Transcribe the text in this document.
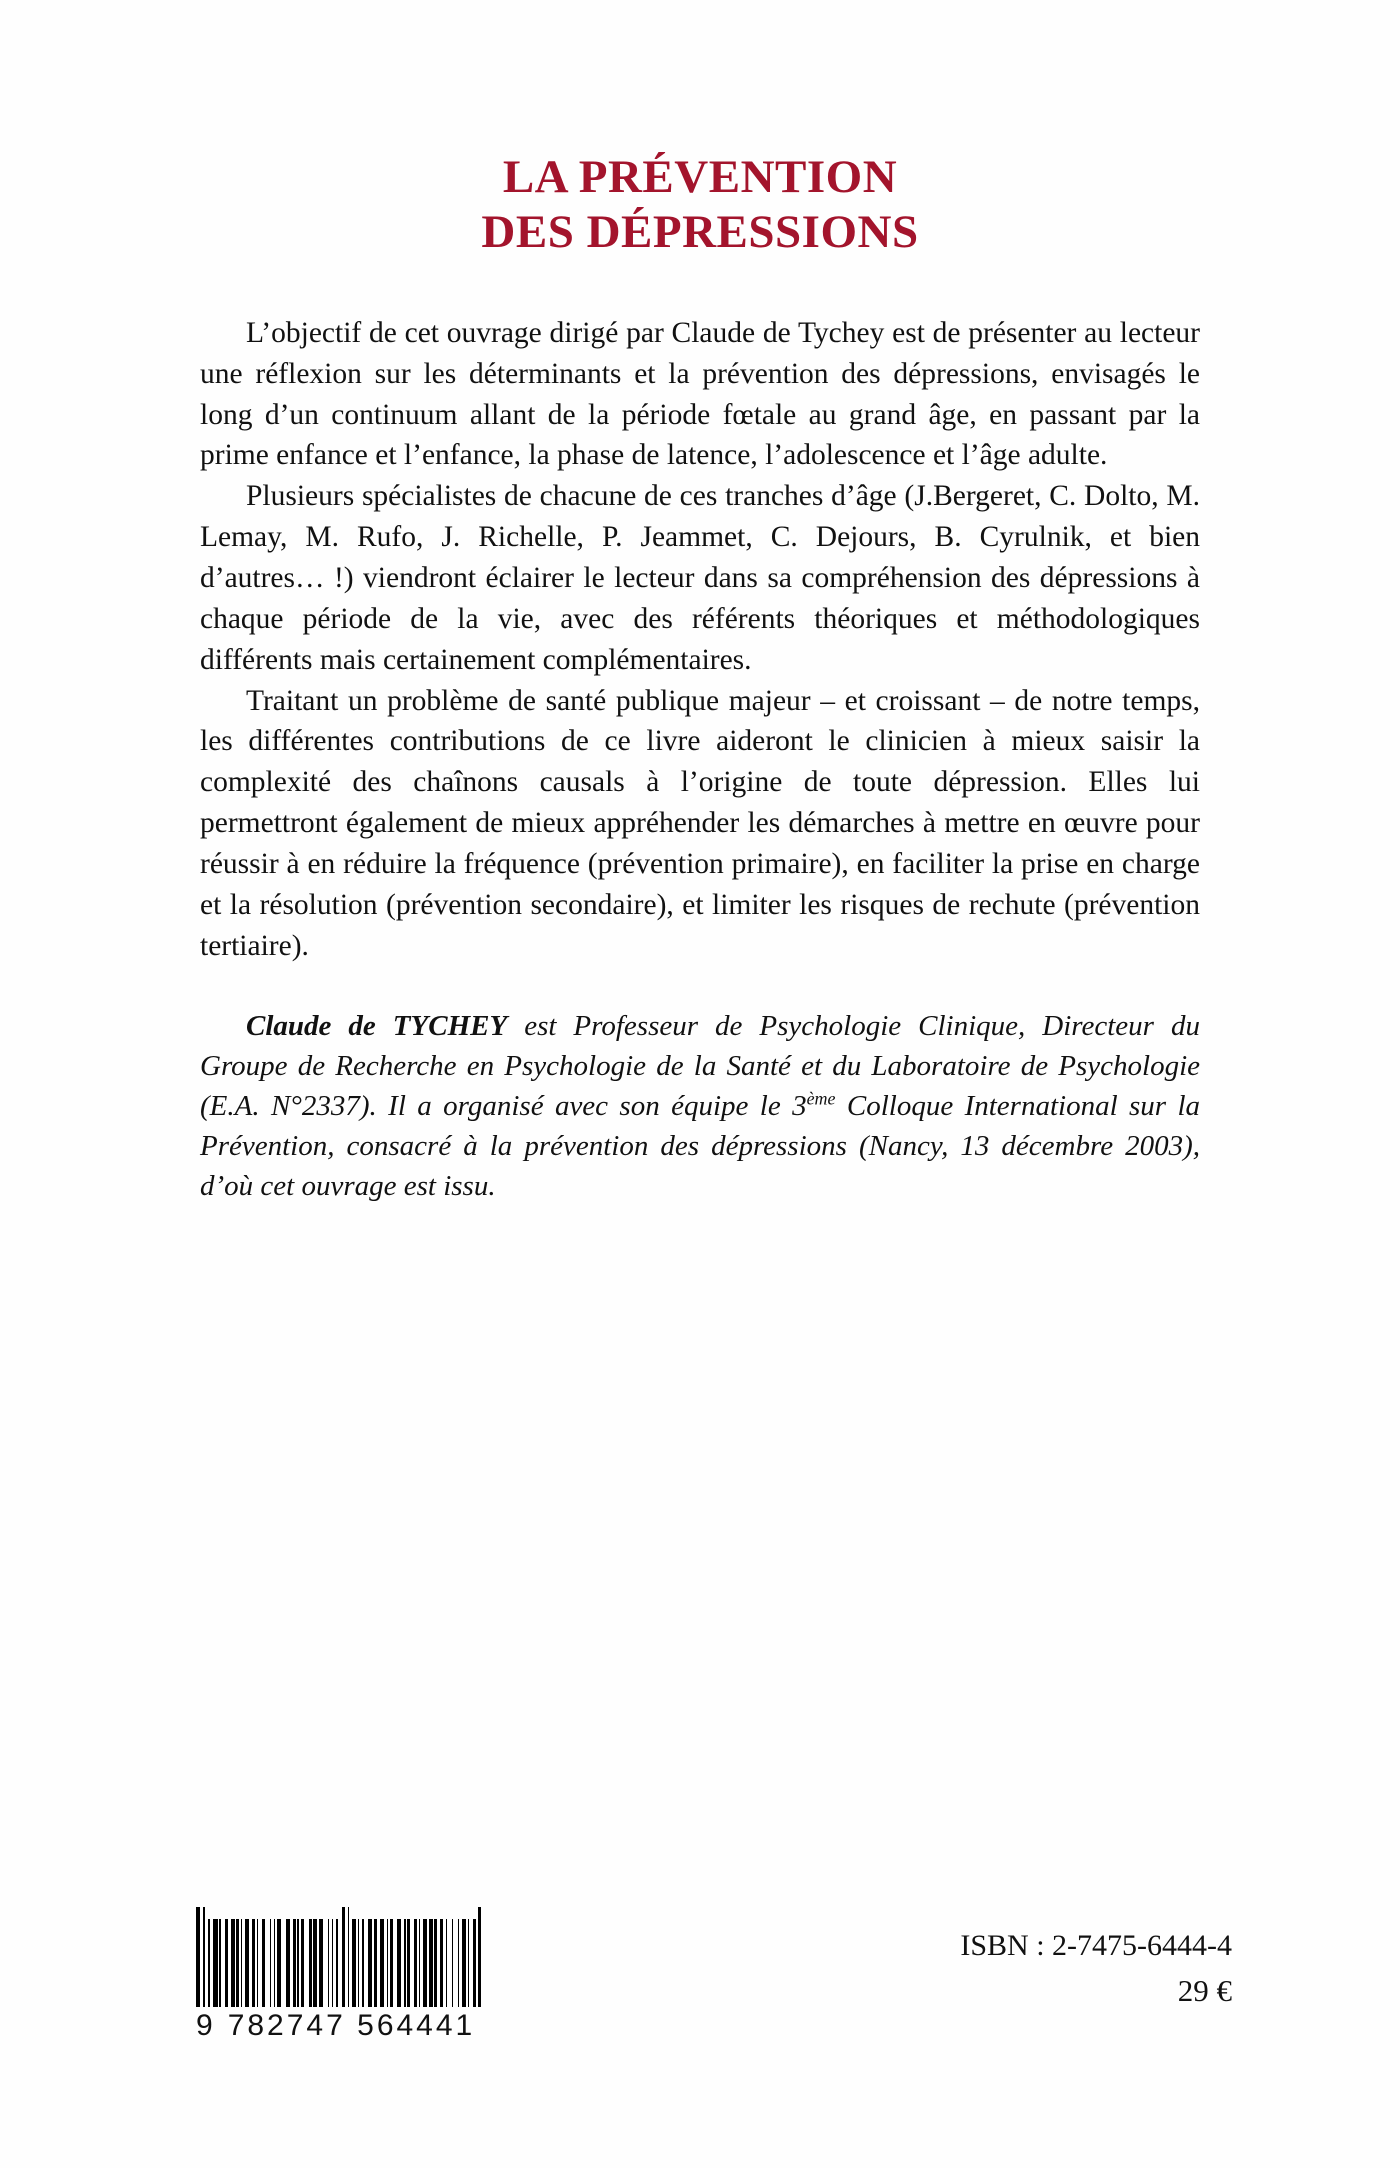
LA PRÉVENTION
DES DÉPRESSIONS

L’objectif de cet ouvrage dirigé par Claude de Tychey est de présenter au lecteur une réflexion sur les déterminants et la prévention des dépressions, envisagés le long d’un continuum allant de la période fœtale au grand âge, en passant par la prime enfance et l’enfance, la phase de latence, l’adolescence et l’âge adulte.

Plusieurs spécialistes de chacune de ces tranches d’âge (J.Bergeret, C. Dolto, M. Lemay, M. Rufo, J. Richelle, P. Jeammet, C. Dejours, B. Cyrulnik, et bien d’autres… !) viendront éclairer le lecteur dans sa compréhension des dépressions à chaque période de la vie, avec des référents théoriques et méthodologiques différents mais certainement complémentaires.

Traitant un problème de santé publique majeur – et croissant – de notre temps, les différentes contributions de ce livre aideront le clinicien à mieux saisir la complexité des chaînons causals à l’origine de toute dépression. Elles lui permettront également de mieux appréhender les démarches à mettre en œuvre pour réussir à en réduire la fréquence (prévention primaire), en faciliter la prise en charge et la résolution (prévention secondaire), et limiter les risques de rechute (prévention tertiaire).

Claude de TYCHEY est Professeur de Psychologie Clinique, Directeur du Groupe de Recherche en Psychologie de la Santé et du Laboratoire de Psychologie (E.A. N°2337). Il a organisé avec son équipe le 3ème Colloque International sur la Prévention, consacré à la prévention des dépressions (Nancy, 13 décembre 2003), d’où cet ouvrage est issu.
9 782747 564441
ISBN : 2-7475-6444-4
29 €
